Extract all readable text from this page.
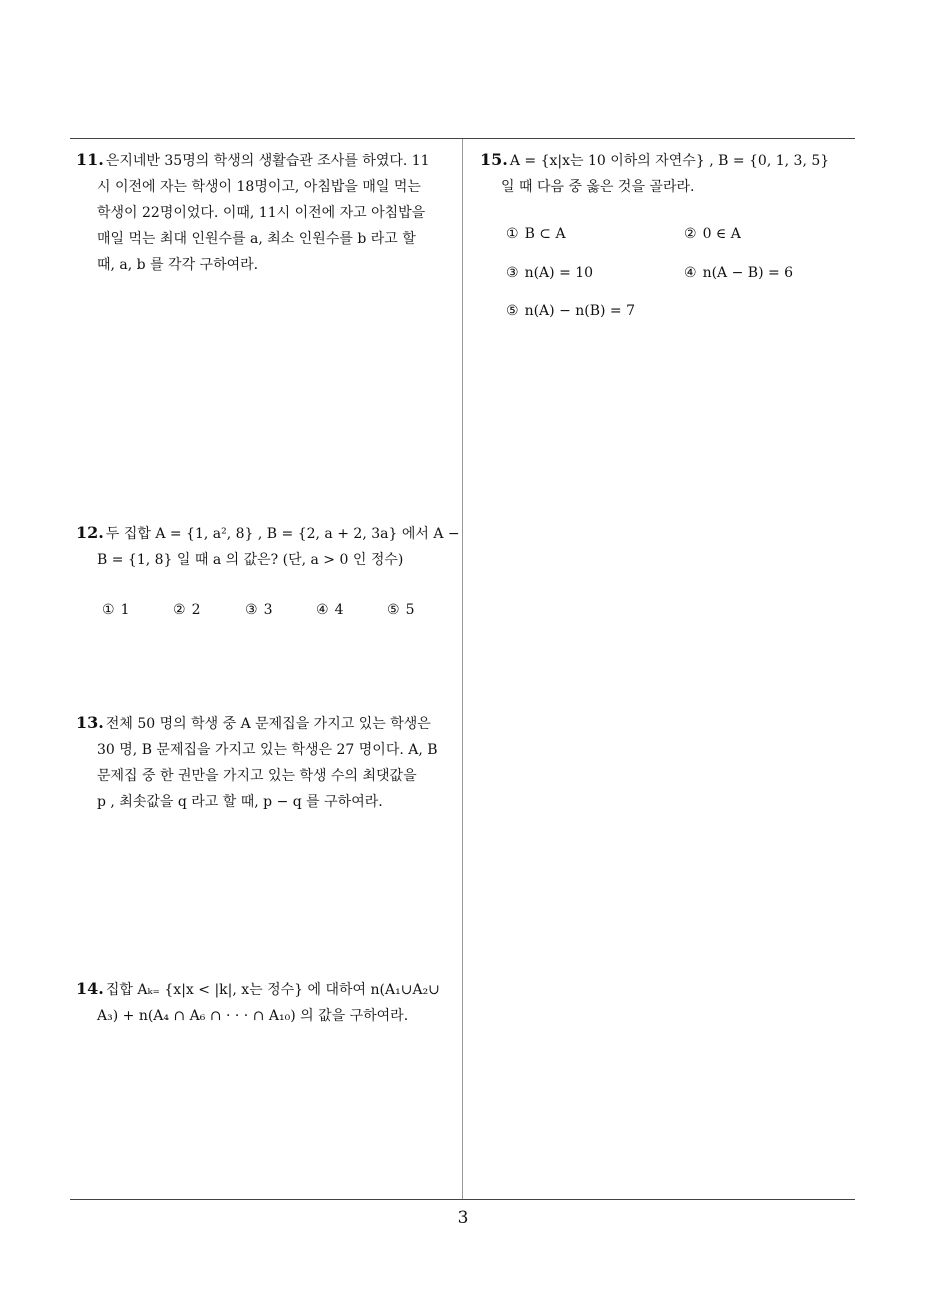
11. 은지네반 35명의 학생의 생활습관 조사를 하였다. 11
시 이전에 자는 학생이 18명이고, 아침밥을 매일 먹는
학생이 22명이었다. 이때, 11시 이전에 자고 아침밥을
매일 먹는 최대 인원수를 a, 최소 인원수를 b 라고 할
때, a, b 를 각각 구하여라.
12. 두 집합 A = {1, a², 8} , B = {2, a + 2, 3a} 에서 A −
B = {1, 8} 일 때 a 의 값은? (단, a > 0 인 정수)
① 1	② 2	③ 3	④ 4	⑤ 5
13. 전체 50 명의 학생 중 A 문제집을 가지고 있는 학생은
30 명, B 문제집을 가지고 있는 학생은 27 명이다. A, B
문제집 중 한 권만을 가지고 있는 학생 수의 최댓값을
p , 최솟값을 q 라고 할 때, p − q 를 구하여라.
14. 집합 Aₖ₌ {x|x < |k|, x는 정수} 에 대하여 n(A₁∪A₂∪
A₃) + n(A₄ ∩ A₆ ∩ · · · ∩ A₁₀) 의 값을 구하여라.
15. A = {x|x는 10 이하의 자연수} , B = {0, 1, 3, 5}
일 때 다음 중 옳은 것을 골라라.
① B ⊂ A	② 0 ∈ A
③ n(A) = 10	④ n(A − B) = 6
⑤ n(A) − n(B) = 7
3
